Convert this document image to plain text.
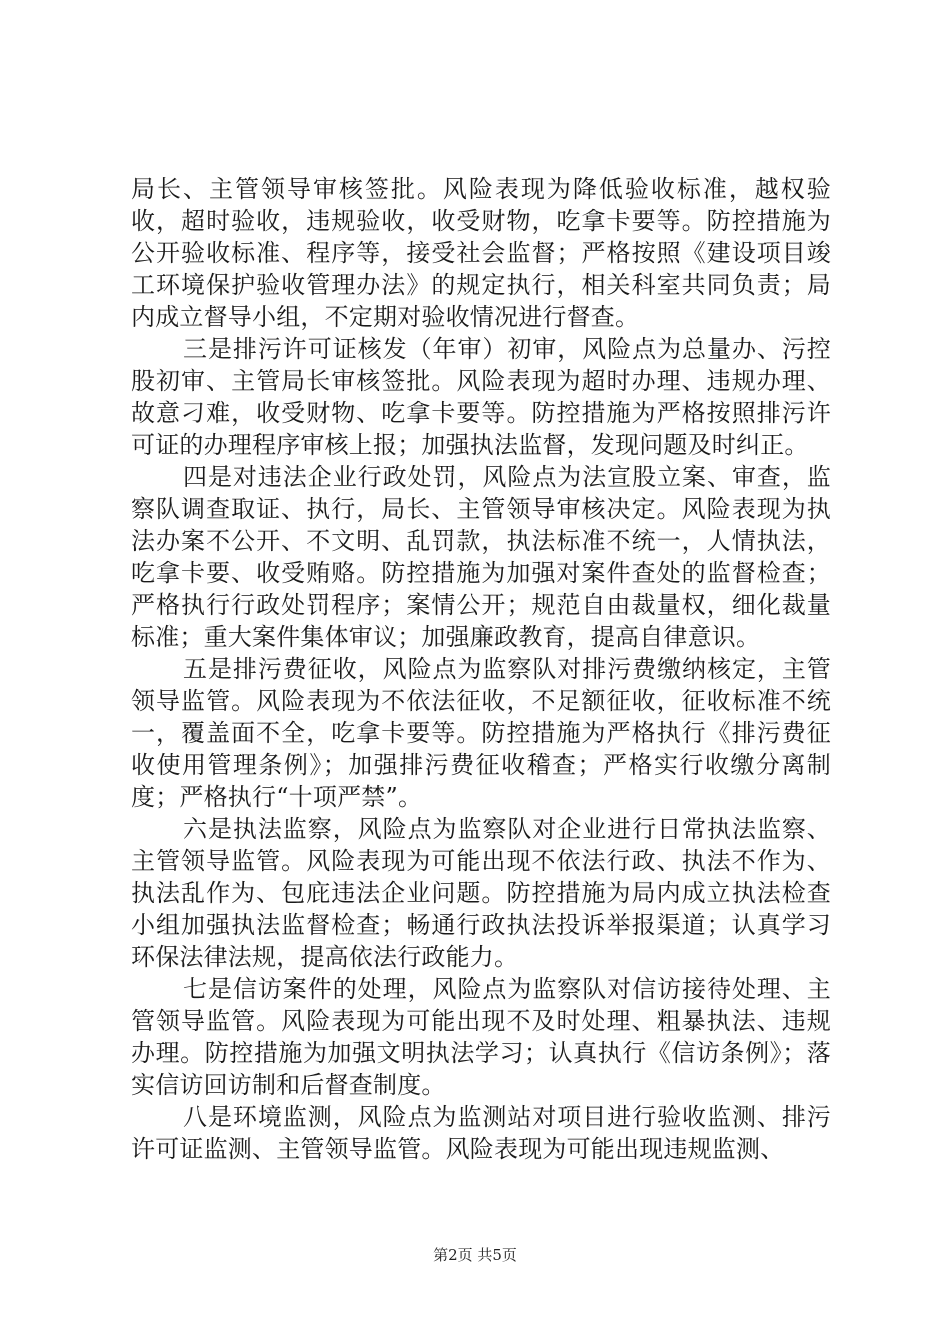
局长、主管领导审核签批。风险表现为降低验收标准，越权验收，超时验收，违规验收，收受财物，吃拿卡要等。防控措施为公开验收标准、程序等，接受社会监督；严格按照《建设项目竣工环境保护验收管理办法》的规定执行，相关科室共同负责；局内成立督导小组，不定期对验收情况进行督查。

三是排污许可证核发（年审）初审，风险点为总量办、污控股初审、主管局长审核签批。风险表现为超时办理、违规办理、故意刁难，收受财物、吃拿卡要等。防控措施为严格按照排污许可证的办理程序审核上报；加强执法监督，发现问题及时纠正。

四是对违法企业行政处罚，风险点为法宣股立案、审查，监察队调查取证、执行，局长、主管领导审核决定。风险表现为执法办案不公开、不文明、乱罚款，执法标准不统一，人情执法，吃拿卡要、收受贿赂。防控措施为加强对案件查处的监督检查；严格执行行政处罚程序；案情公开；规范自由裁量权，细化裁量标准；重大案件集体审议；加强廉政教育，提高自律意识。

五是排污费征收，风险点为监察队对排污费缴纳核定，主管领导监管。风险表现为不依法征收，不足额征收，征收标准不统一，覆盖面不全，吃拿卡要等。防控措施为严格执行《排污费征收使用管理条例》；加强排污费征收稽查；严格实行收缴分离制度；严格执行“十项严禁”。

六是执法监察，风险点为监察队对企业进行日常执法监察、主管领导监管。风险表现为可能出现不依法行政、执法不作为、执法乱作为、包庇违法企业问题。防控措施为局内成立执法检查小组加强执法监督检查；畅通行政执法投诉举报渠道；认真学习环保法律法规，提高依法行政能力。

七是信访案件的处理，风险点为监察队对信访接待处理、主管领导监管。风险表现为可能出现不及时处理、粗暴执法、违规办理。防控措施为加强文明执法学习；认真执行《信访条例》；落实信访回访制和后督查制度。

八是环境监测，风险点为监测站对项目进行验收监测、排污许可证监测、主管领导监管。风险表现为可能出现违规监测、

第2页 共5页
